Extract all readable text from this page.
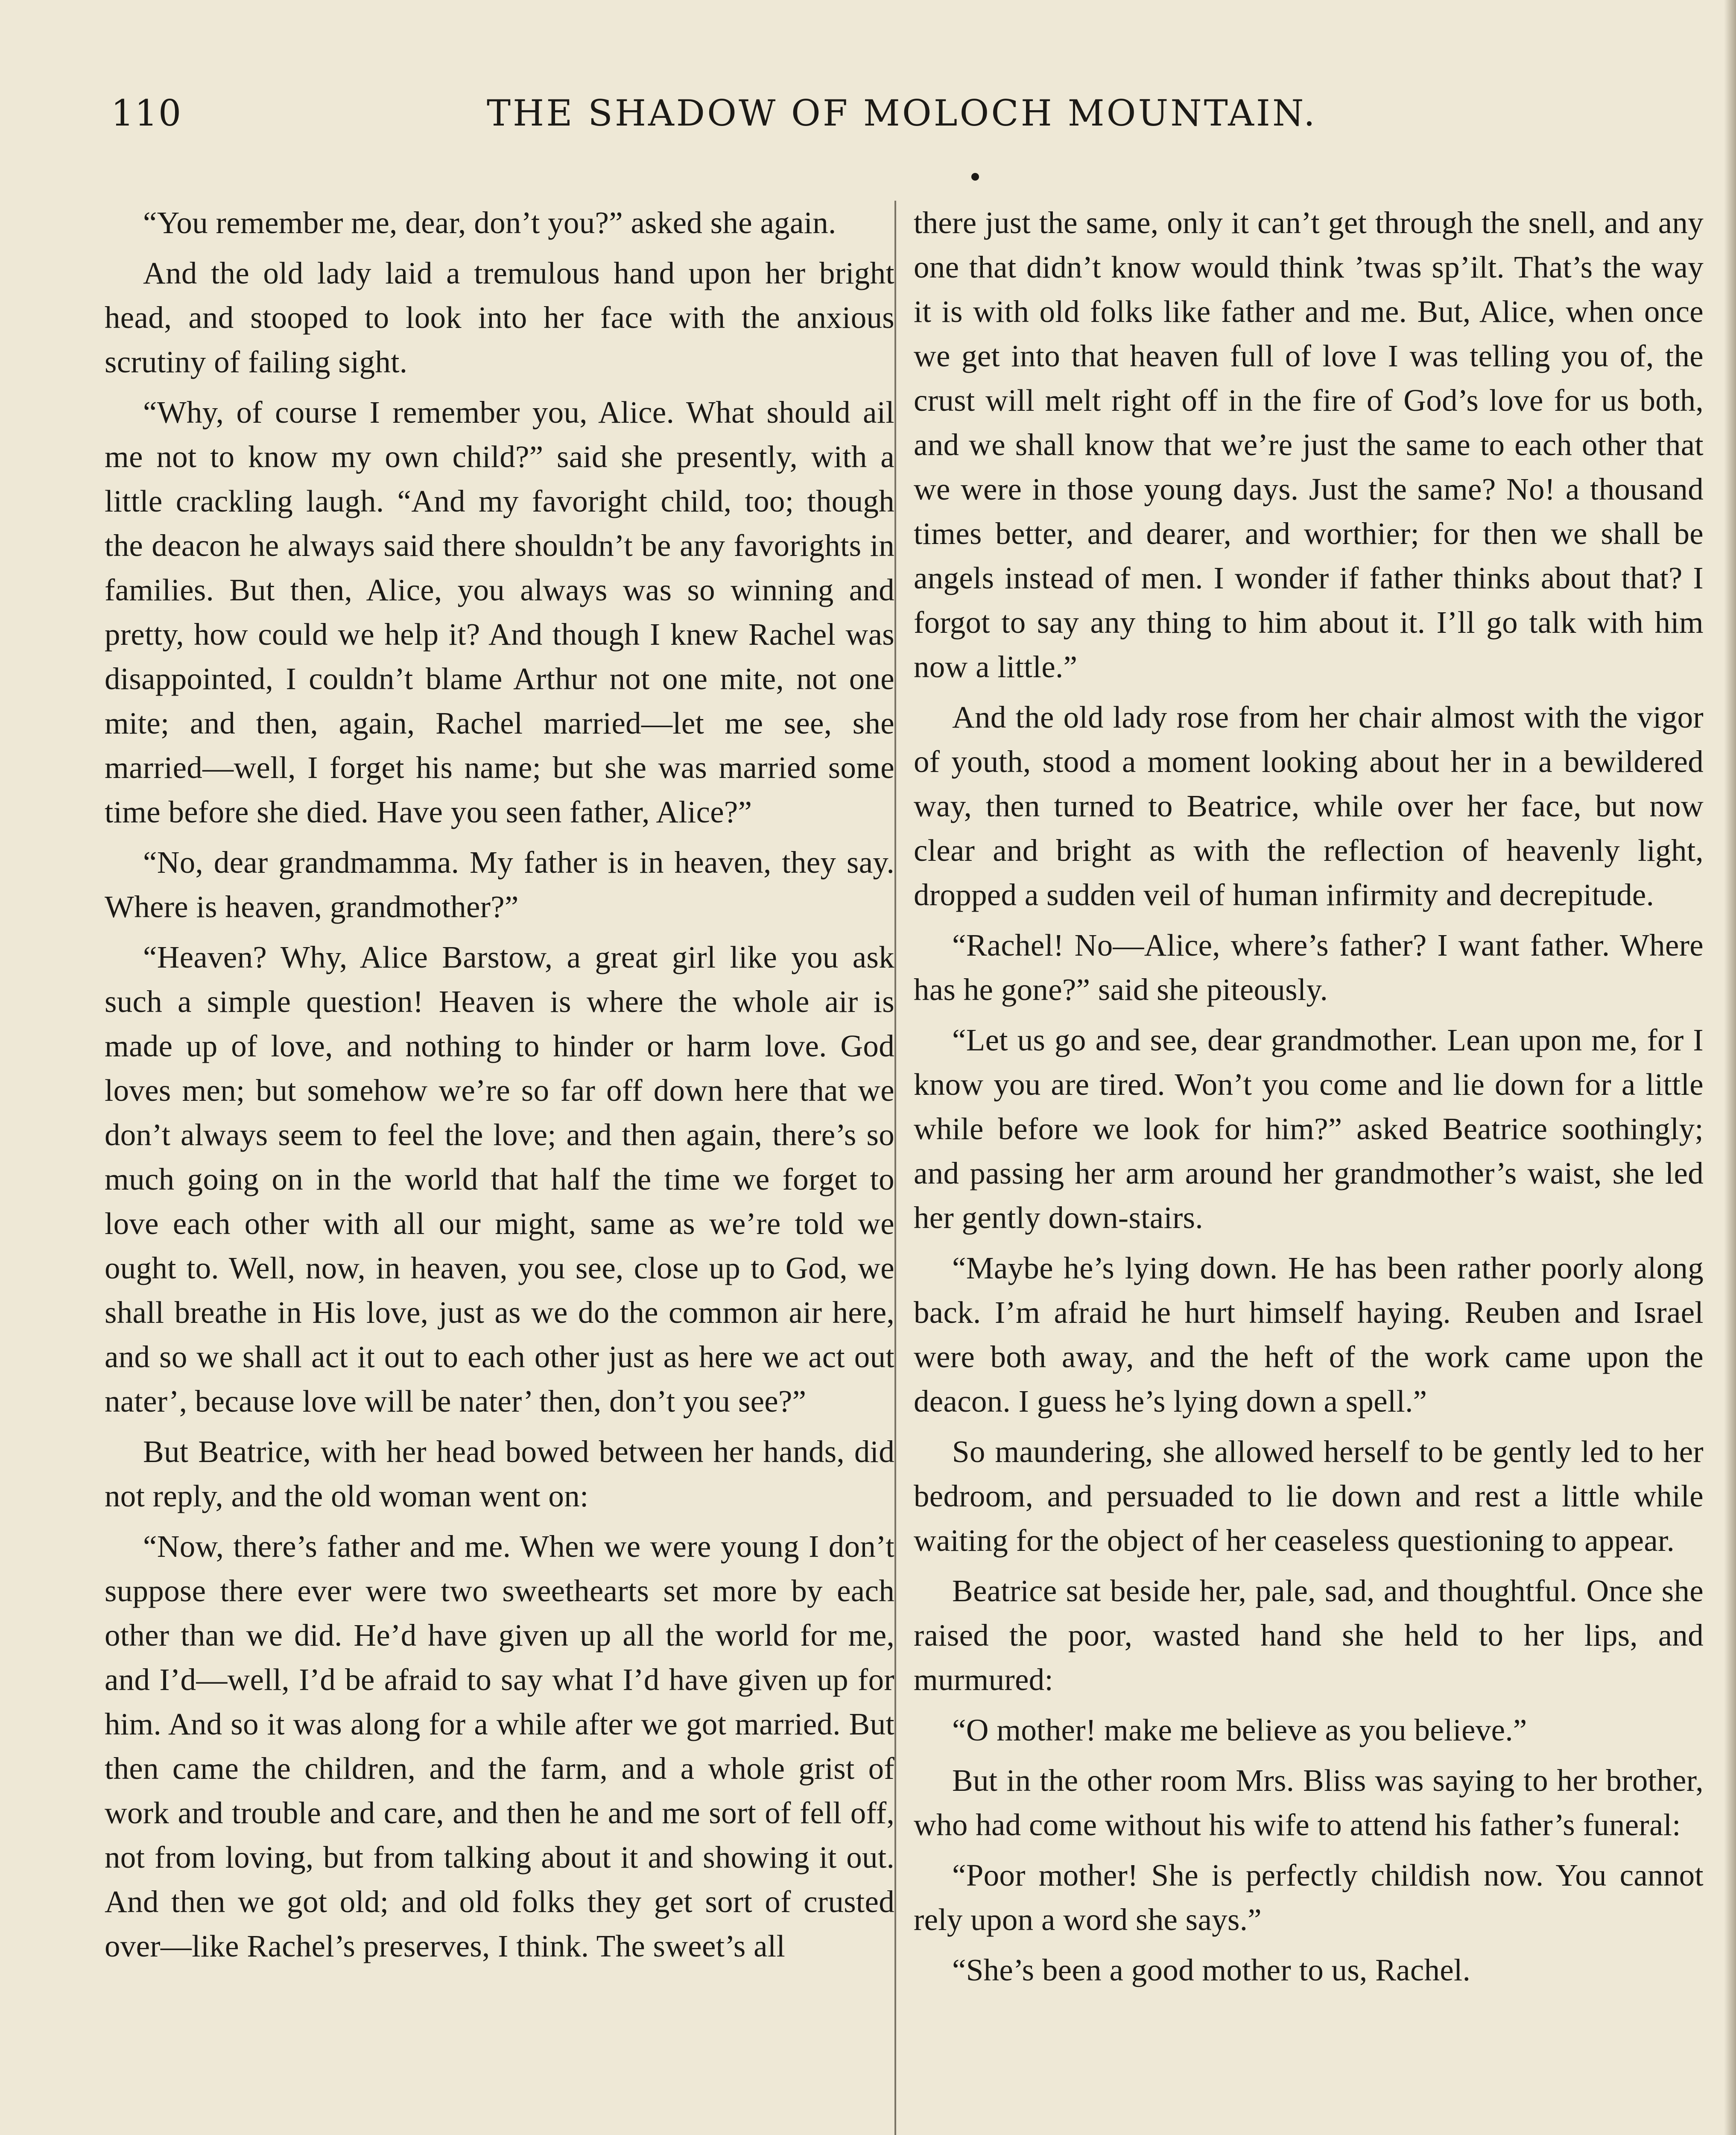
110	THE SHADOW OF MOLOCH MOUNTAIN.

“You remember me, dear, don’t you?” asked she again.

And the old lady laid a tremulous hand upon her bright head, and stooped to look into her face with the anxious scrutiny of failing sight.

“Why, of course I remember you, Alice. What should ail me not to know my own child?” said she presently, with a little crackling laugh. “And my favoright child, too; though the deacon he always said there shouldn’t be any favorights in families. But then, Alice, you always was so winning and pretty, how could we help it? And though I knew Rachel was disappointed, I couldn’t blame Arthur not one mite, not one mite; and then, again, Rachel married—let me see, she married—well, I forget his name; but she was married some time before she died. Have you seen father, Alice?”

“No, dear grandmamma. My father is in heaven, they say. Where is heaven, grandmother?”

“Heaven? Why, Alice Barstow, a great girl like you ask such a simple question! Heaven is where the whole air is made up of love, and nothing to hinder or harm love. God loves men; but somehow we’re so far off down here that we don’t always seem to feel the love; and then again, there’s so much going on in the world that half the time we forget to love each other with all our might, same as we’re told we ought to. Well, now, in heaven, you see, close up to God, we shall breathe in His love, just as we do the common air here, and so we shall act it out to each other just as here we act out nater’, because love will be nater’ then, don’t you see?”

But Beatrice, with her head bowed between her hands, did not reply, and the old woman went on:

“Now, there’s father and me. When we were young I don’t suppose there ever were two sweethearts set more by each other than we did. He’d have given up all the world for me, and I’d—well, I’d be afraid to say what I’d have given up for him. And so it was along for a while after we got married. But then came the children, and the farm, and a whole grist of work and trouble and care, and then he and me sort of fell off, not from loving, but from talking about it and showing it out. And then we got old; and old folks they get sort of crusted over—like Rachel’s preserves, I think. The sweet’s all

there just the same, only it can’t get through the snell, and any one that didn’t know would think ’twas sp’ilt. That’s the way it is with old folks like father and me. But, Alice, when once we get into that heaven full of love I was telling you of, the crust will melt right off in the fire of God’s love for us both, and we shall know that we’re just the same to each other that we were in those young days. Just the same? No! a thousand times better, and dearer, and worthier; for then we shall be angels instead of men. I wonder if father thinks about that? I forgot to say any thing to him about it. I’ll go talk with him now a little.”

And the old lady rose from her chair almost with the vigor of youth, stood a moment looking about her in a bewildered way, then turned to Beatrice, while over her face, but now clear and bright as with the reflection of heavenly light, dropped a sudden veil of human infirmity and decrepitude.

“Rachel! No—Alice, where’s father? I want father. Where has he gone?” said she piteously.

“Let us go and see, dear grandmother. Lean upon me, for I know you are tired. Won’t you come and lie down for a little while before we look for him?” asked Beatrice soothingly; and passing her arm around her grandmother’s waist, she led her gently down-stairs.

“Maybe he’s lying down. He has been rather poorly along back. I’m afraid he hurt himself haying. Reuben and Israel were both away, and the heft of the work came upon the deacon. I guess he’s lying down a spell.”

So maundering, she allowed herself to be gently led to her bedroom, and persuaded to lie down and rest a little while waiting for the object of her ceaseless questioning to appear.

Beatrice sat beside her, pale, sad, and thoughtful. Once she raised the poor, wasted hand she held to her lips, and murmured:

“O mother! make me believe as you believe.”

But in the other room Mrs. Bliss was saying to her brother, who had come without his wife to attend his father’s funeral:

“Poor mother! She is perfectly childish now. You cannot rely upon a word she says.”

“She’s been a good mother to us, Rachel.
